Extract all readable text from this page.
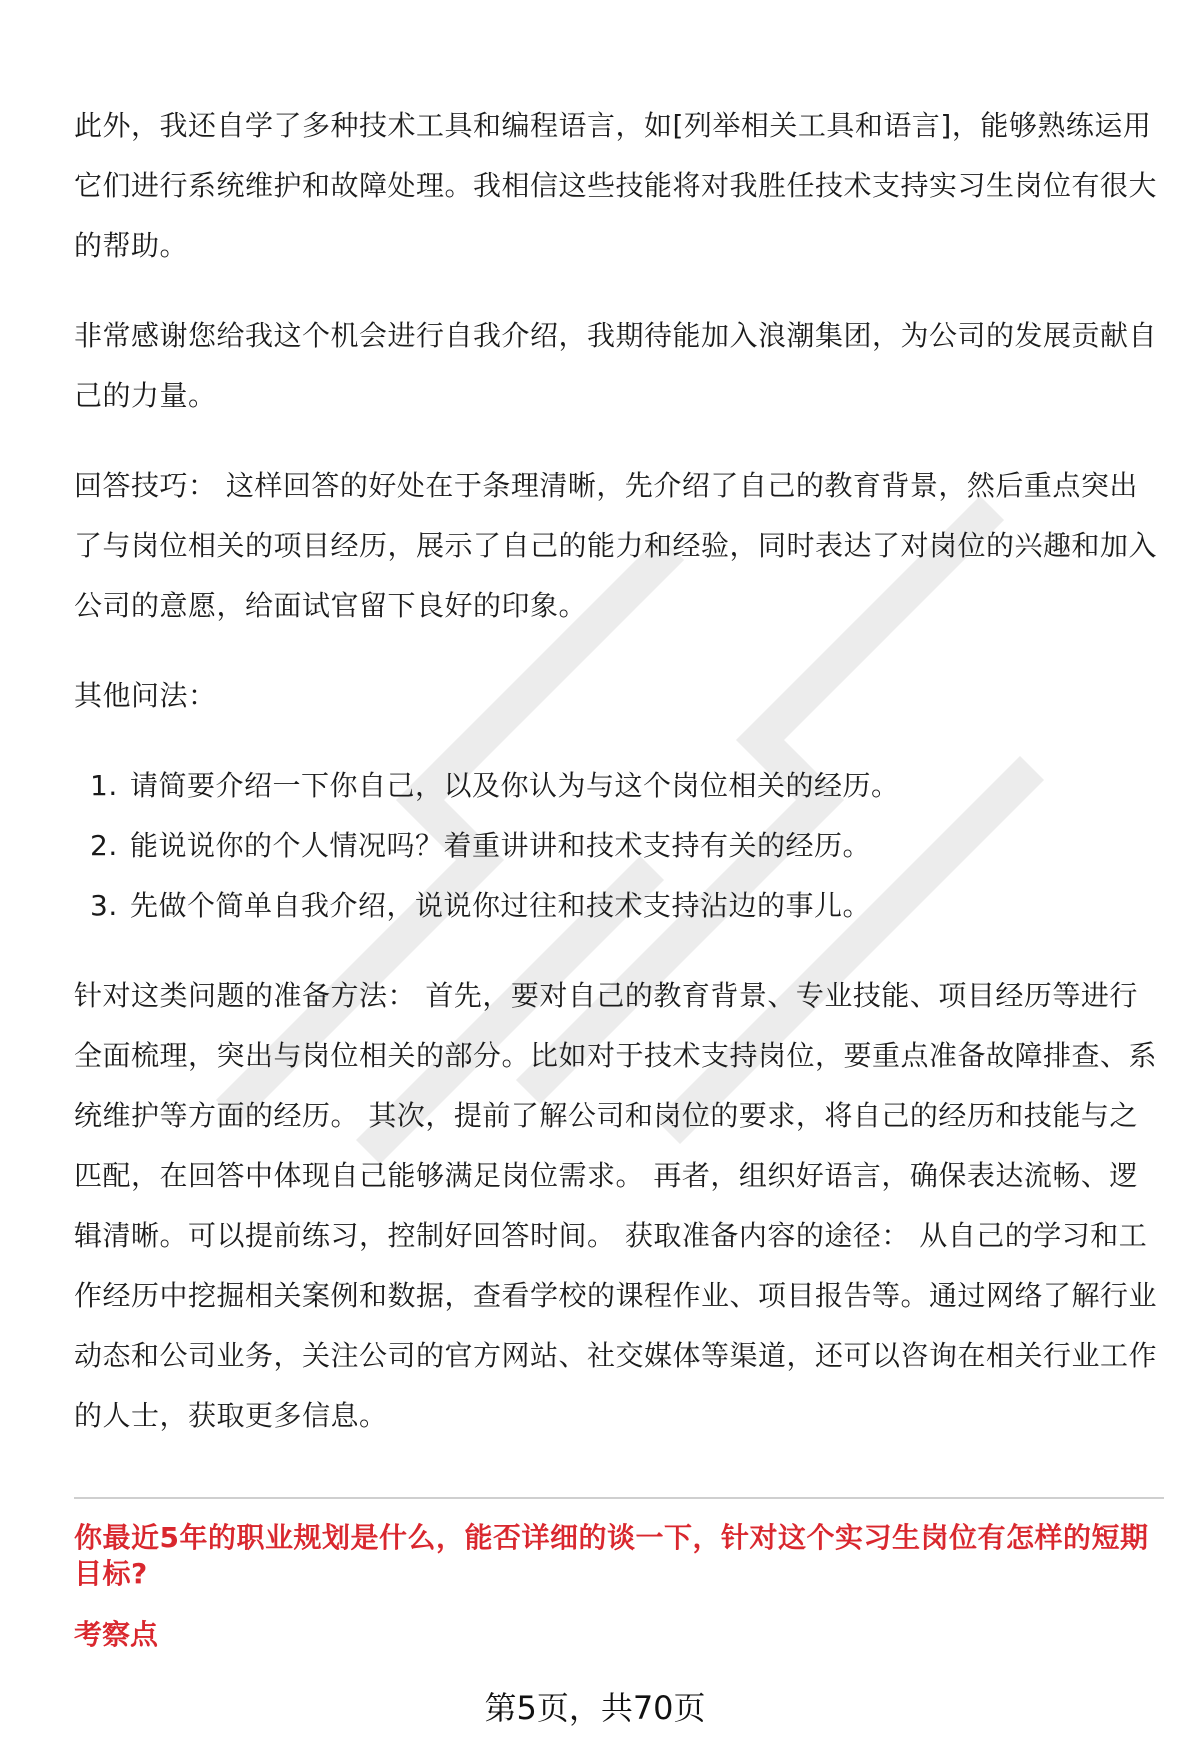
此外，我还自学了多种技术工具和编程语言，如[列举相关工具和语言]，能够熟练运用它们进行系统维护和故障处理。我相信这些技能将对我胜任技术支持实习生岗位有很大的帮助。

非常感谢您给我这个机会进行自我介绍，我期待能加入浪潮集团，为公司的发展贡献自己的力量。

回答技巧： 这样回答的好处在于条理清晰，先介绍了自己的教育背景，然后重点突出了与岗位相关的项目经历，展示了自己的能力和经验，同时表达了对岗位的兴趣和加入公司的意愿，给面试官留下良好的印象。

其他问法：

1. 请简要介绍一下你自己，以及你认为与这个岗位相关的经历。
2. 能说说你的个人情况吗？着重讲讲和技术支持有关的经历。
3. 先做个简单自我介绍，说说你过往和技术支持沾边的事儿。

针对这类问题的准备方法： 首先，要对自己的教育背景、专业技能、项目经历等进行全面梳理，突出与岗位相关的部分。比如对于技术支持岗位，要重点准备故障排查、系统维护等方面的经历。 其次，提前了解公司和岗位的要求，将自己的经历和技能与之匹配，在回答中体现自己能够满足岗位需求。 再者，组织好语言，确保表达流畅、逻辑清晰。可以提前练习，控制好回答时间。 获取准备内容的途径： 从自己的学习和工作经历中挖掘相关案例和数据，查看学校的课程作业、项目报告等。通过网络了解行业动态和公司业务，关注公司的官方网站、社交媒体等渠道，还可以咨询在相关行业工作的人士，获取更多信息。

你最近5年的职业规划是什么，能否详细的谈一下，针对这个实习生岗位有怎样的短期目标?
考察点
第5页，共70页
